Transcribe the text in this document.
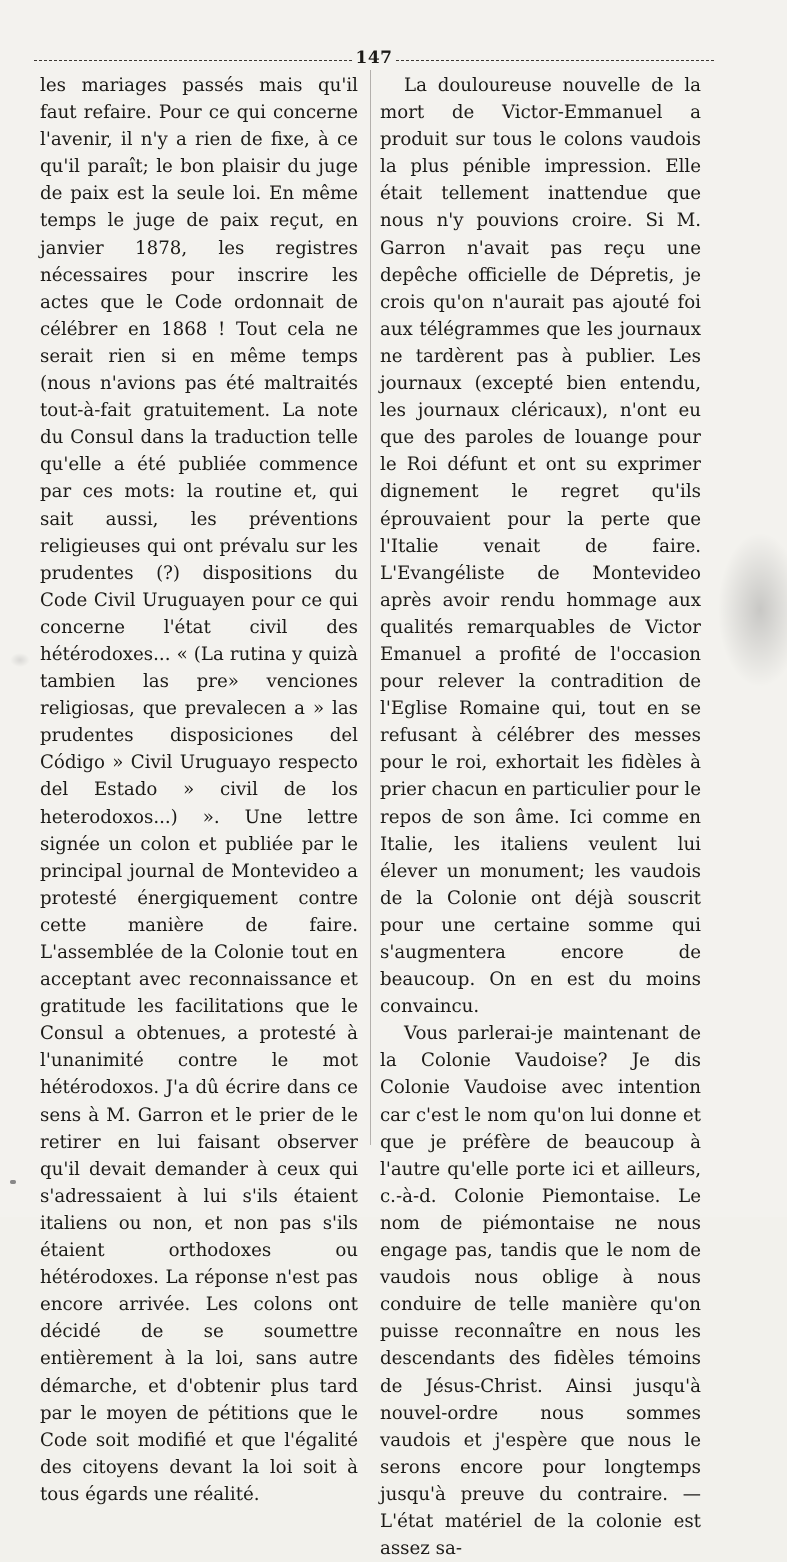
147

les mariages passés mais qu'il faut refaire. Pour ce qui concerne l'avenir, il n'y a rien de fixe, à ce qu'il paraît; le bon plaisir du juge de paix est la seule loi. En même temps le juge de paix reçut, en janvier 1878, les registres nécessaires pour inscrire les actes que le Code ordonnait de célébrer en 1868 ! Tout cela ne serait rien si en même temps (nous n'avions pas été maltraités tout-à-fait gratuitement. La note du Consul dans la traduction telle qu'elle a été publiée commence par ces mots: la routine et, qui sait aussi, les préventions religieuses qui ont prévalu sur les prudentes (?) dispositions du Code Civil Uruguayen pour ce qui concerne l'état civil des hétérodoxes... « (La rutina y quizà tambien las pre» venciones religiosas, que prevalecen a » las prudentes disposiciones del Código » Civil Uruguayo respecto del Estado » civil de los heterodoxos...) ». Une lettre signée un colon et publiée par le principal journal de Montevideo a protesté énergiquement contre cette manière de faire. L'assemblée de la Colonie tout en acceptant avec reconnaissance et gratitude les facilitations que le Consul a obtenues, a protesté à l'unanimité contre le mot hétérodoxos. J'a dû écrire dans ce sens à M. Garron et le prier de le retirer en lui faisant observer qu'il devait demander à ceux qui s'adressaient à lui s'ils étaient italiens ou non, et non pas s'ils étaient orthodoxes ou hétérodoxes. La réponse n'est pas encore arrivée. Les colons ont décidé de se soumettre entièrement à la loi, sans autre démarche, et d'obtenir plus tard par le moyen de pétitions que le Code soit modifié et que l'égalité des citoyens devant la loi soit à tous égards une réalité.

La douloureuse nouvelle de la mort de Victor-Emmanuel a produit sur tous le colons vaudois la plus pénible impression. Elle était tellement inattendue que nous n'y pouvions croire. Si M. Garron n'avait pas reçu une depêche officielle de Dépretis, je crois qu'on n'aurait pas ajouté foi aux télégrammes que les journaux ne tardèrent pas à publier. Les journaux (excepté bien entendu, les journaux cléricaux), n'ont eu que des paroles de louange pour le Roi défunt et ont su exprimer dignement le regret qu'ils éprouvaient pour la perte que l'Italie venait de faire. L'Evangéliste de Montevideo après avoir rendu hommage aux qualités remarquables de Victor Emanuel a profité de l'occasion pour relever la contradition de l'Eglise Romaine qui, tout en se refusant à célébrer des messes pour le roi, exhortait les fidèles à prier chacun en particulier pour le repos de son âme. Ici comme en Italie, les italiens veulent lui élever un monument; les vaudois de la Colonie ont déjà souscrit pour une certaine somme qui s'augmentera encore de beaucoup. On en est du moins convaincu.

Vous parlerai-je maintenant de la Colonie Vaudoise? Je dis Colonie Vaudoise avec intention car c'est le nom qu'on lui donne et que je préfère de beaucoup à l'autre qu'elle porte ici et ailleurs, c.-à-d. Colonie Piemontaise. Le nom de piémontaise ne nous engage pas, tandis que le nom de vaudois nous oblige à nous conduire de telle manière qu'on puisse reconnaître en nous les descendants des fidèles témoins de Jésus-Christ. Ainsi jusqu'à nouvel-ordre nous sommes vaudois et j'espère que nous le serons encore pour longtemps jusqu'à preuve du contraire. — L'état matériel de la colonie est assez sa-
